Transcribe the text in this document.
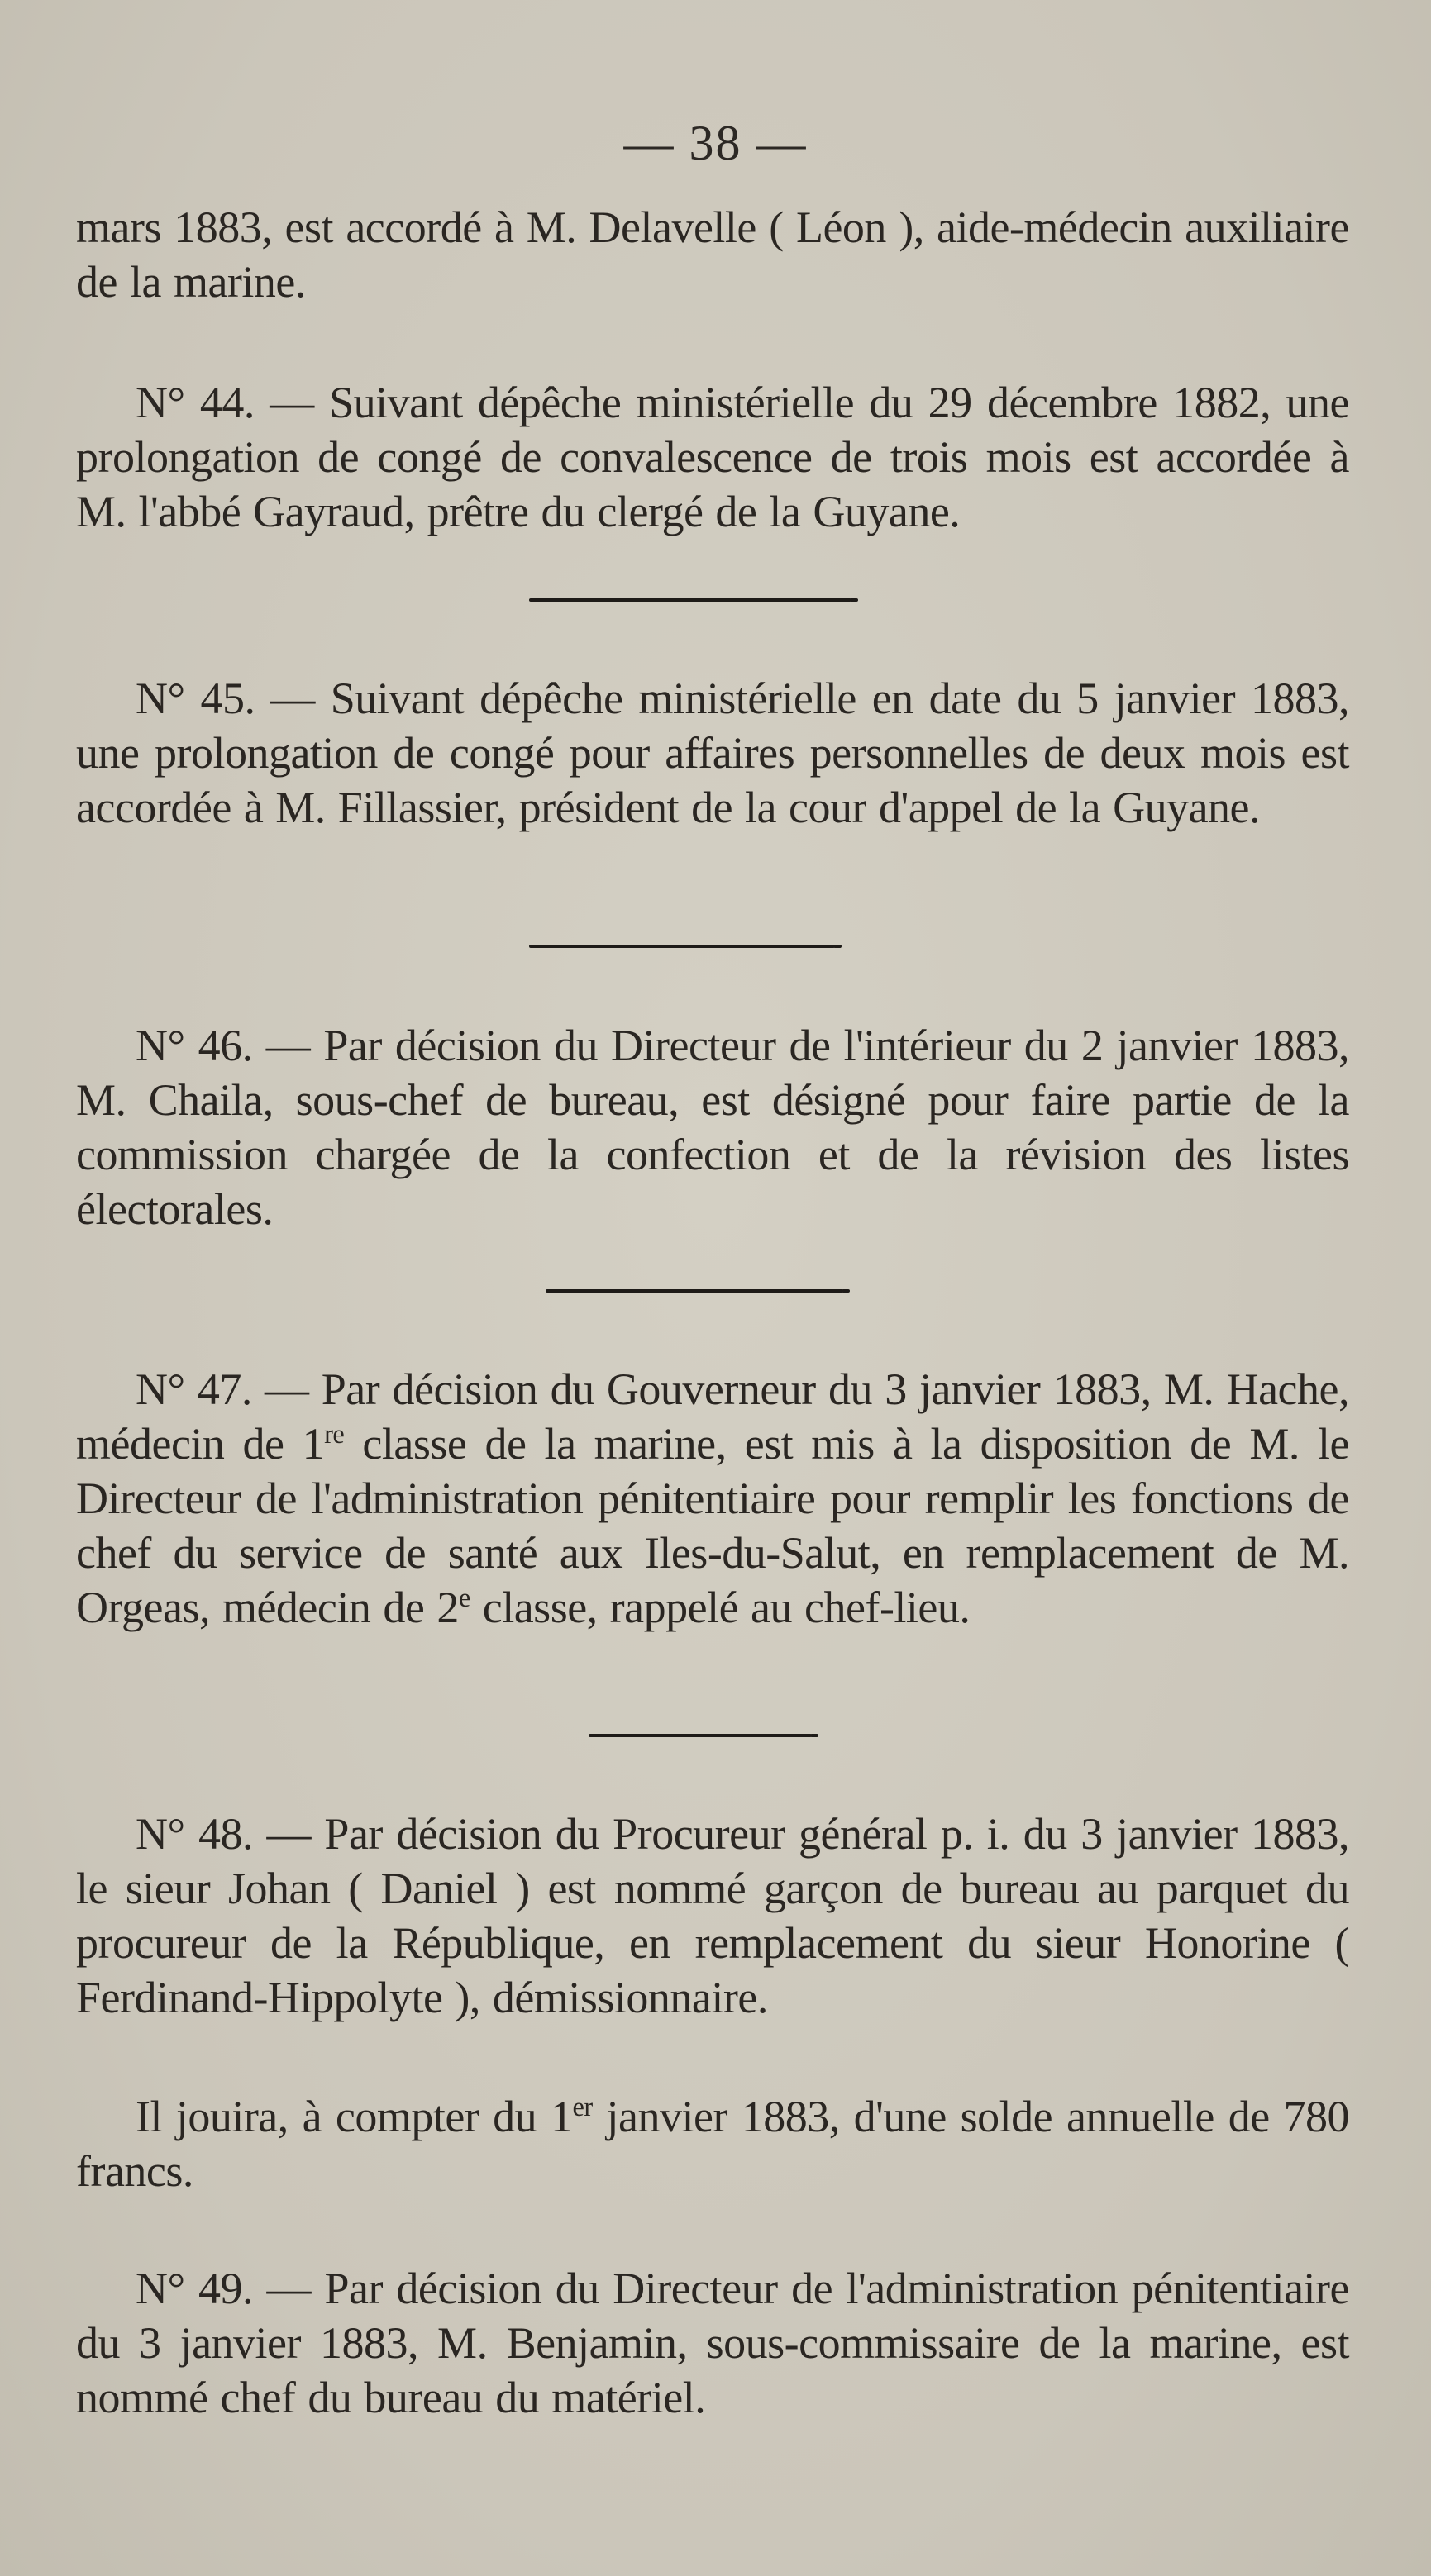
— 38 —

mars 1883, est accordé à M. Delavelle ( Léon ), aide-médecin auxiliaire de la marine.

N° 44. — Suivant dépêche ministérielle du 29 décembre 1882, une prolongation de congé de convalescence de trois mois est accordée à M. l'abbé Gayraud, prêtre du clergé de la Guyane.

N° 45. — Suivant dépêche ministérielle en date du 5 janvier 1883, une prolongation de congé pour affaires personnelles de deux mois est accordée à M. Fillassier, président de la cour d'appel de la Guyane.

N° 46. — Par décision du Directeur de l'intérieur du 2 janvier 1883, M. Chaila, sous-chef de bureau, est désigné pour faire partie de la commission chargée de la confection et de la révision des listes électorales.

N° 47. — Par décision du Gouverneur du 3 janvier 1883, M. Hache, médecin de 1re classe de la marine, est mis à la disposition de M. le Directeur de l'administration pénitentiaire pour remplir les fonctions de chef du service de santé aux Iles-du-Salut, en remplacement de M. Orgeas, médecin de 2e classe, rappelé au chef-lieu.

N° 48. — Par décision du Procureur général p. i. du 3 janvier 1883, le sieur Johan ( Daniel ) est nommé garçon de bureau au parquet du procureur de la République, en remplacement du sieur Honorine ( Ferdinand-Hippolyte ), démissionnaire.

Il jouira, à compter du 1er janvier 1883, d'une solde annuelle de 780 francs.

N° 49. — Par décision du Directeur de l'administration pénitentiaire du 3 janvier 1883, M. Benjamin, sous-commissaire de la marine, est nommé chef du bureau du matériel.
